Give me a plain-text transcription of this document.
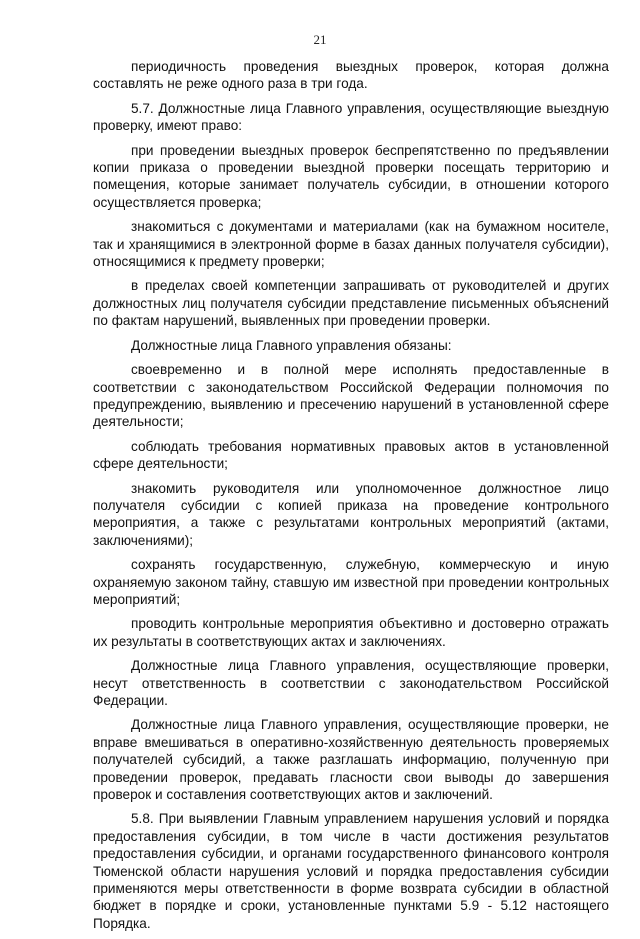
21

периодичность проведения выездных проверок, которая должна составлять не реже одного раза в три года.

5.7. Должностные лица Главного управления, осуществляющие выездную проверку, имеют право:

при проведении выездных проверок беспрепятственно по предъявлении копии приказа о проведении выездной проверки посещать территорию и помещения, которые занимает получатель субсидии, в отношении которого осуществляется проверка;

знакомиться с документами и материалами (как на бумажном носителе, так и хранящимися в электронной форме в базах данных получателя субсидии), относящимися к предмету проверки;

в пределах своей компетенции запрашивать от руководителей и других должностных лиц получателя субсидии представление письменных объяснений по фактам нарушений, выявленных при проведении проверки.

Должностные лица Главного управления обязаны:

своевременно и в полной мере исполнять предоставленные в соответствии с законодательством Российской Федерации полномочия по предупреждению, выявлению и пресечению нарушений в установленной сфере деятельности;

соблюдать требования нормативных правовых актов в установленной сфере деятельности;

знакомить руководителя или уполномоченное должностное лицо получателя субсидии с копией приказа на проведение контрольного мероприятия, а также с результатами контрольных мероприятий (актами, заключениями);

сохранять государственную, служебную, коммерческую и иную охраняемую законом тайну, ставшую им известной при проведении контрольных мероприятий;

проводить контрольные мероприятия объективно и достоверно отражать их результаты в соответствующих актах и заключениях.

Должностные лица Главного управления, осуществляющие проверки, несут ответственность в соответствии с законодательством Российской Федерации.

Должностные лица Главного управления, осуществляющие проверки, не вправе вмешиваться в оперативно-хозяйственную деятельность проверяемых получателей субсидий, а также разглашать информацию, полученную при проведении проверок, предавать гласности свои выводы до завершения проверок и составления соответствующих актов и заключений.

5.8. При выявлении Главным управлением нарушения условий и порядка предоставления субсидии, в том числе в части достижения результатов предоставления субсидии, и органами государственного финансового контроля Тюменской области нарушения условий и порядка предоставления субсидии применяются меры ответственности в форме возврата субсидии в областной бюджет в порядке и сроки, установленные пунктами 5.9 - 5.12 настоящего Порядка.
